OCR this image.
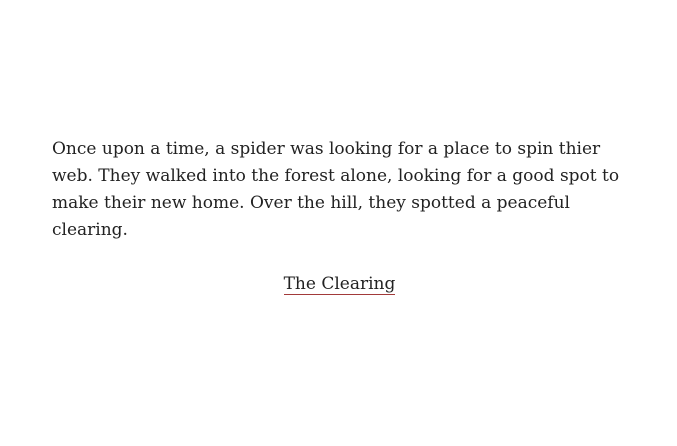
Once upon a time, a spider was looking for a place to spin thier web. They walked into the forest alone, looking for a good spot to make their new home. Over the hill, they spotted a peaceful clearing.

The Clearing
